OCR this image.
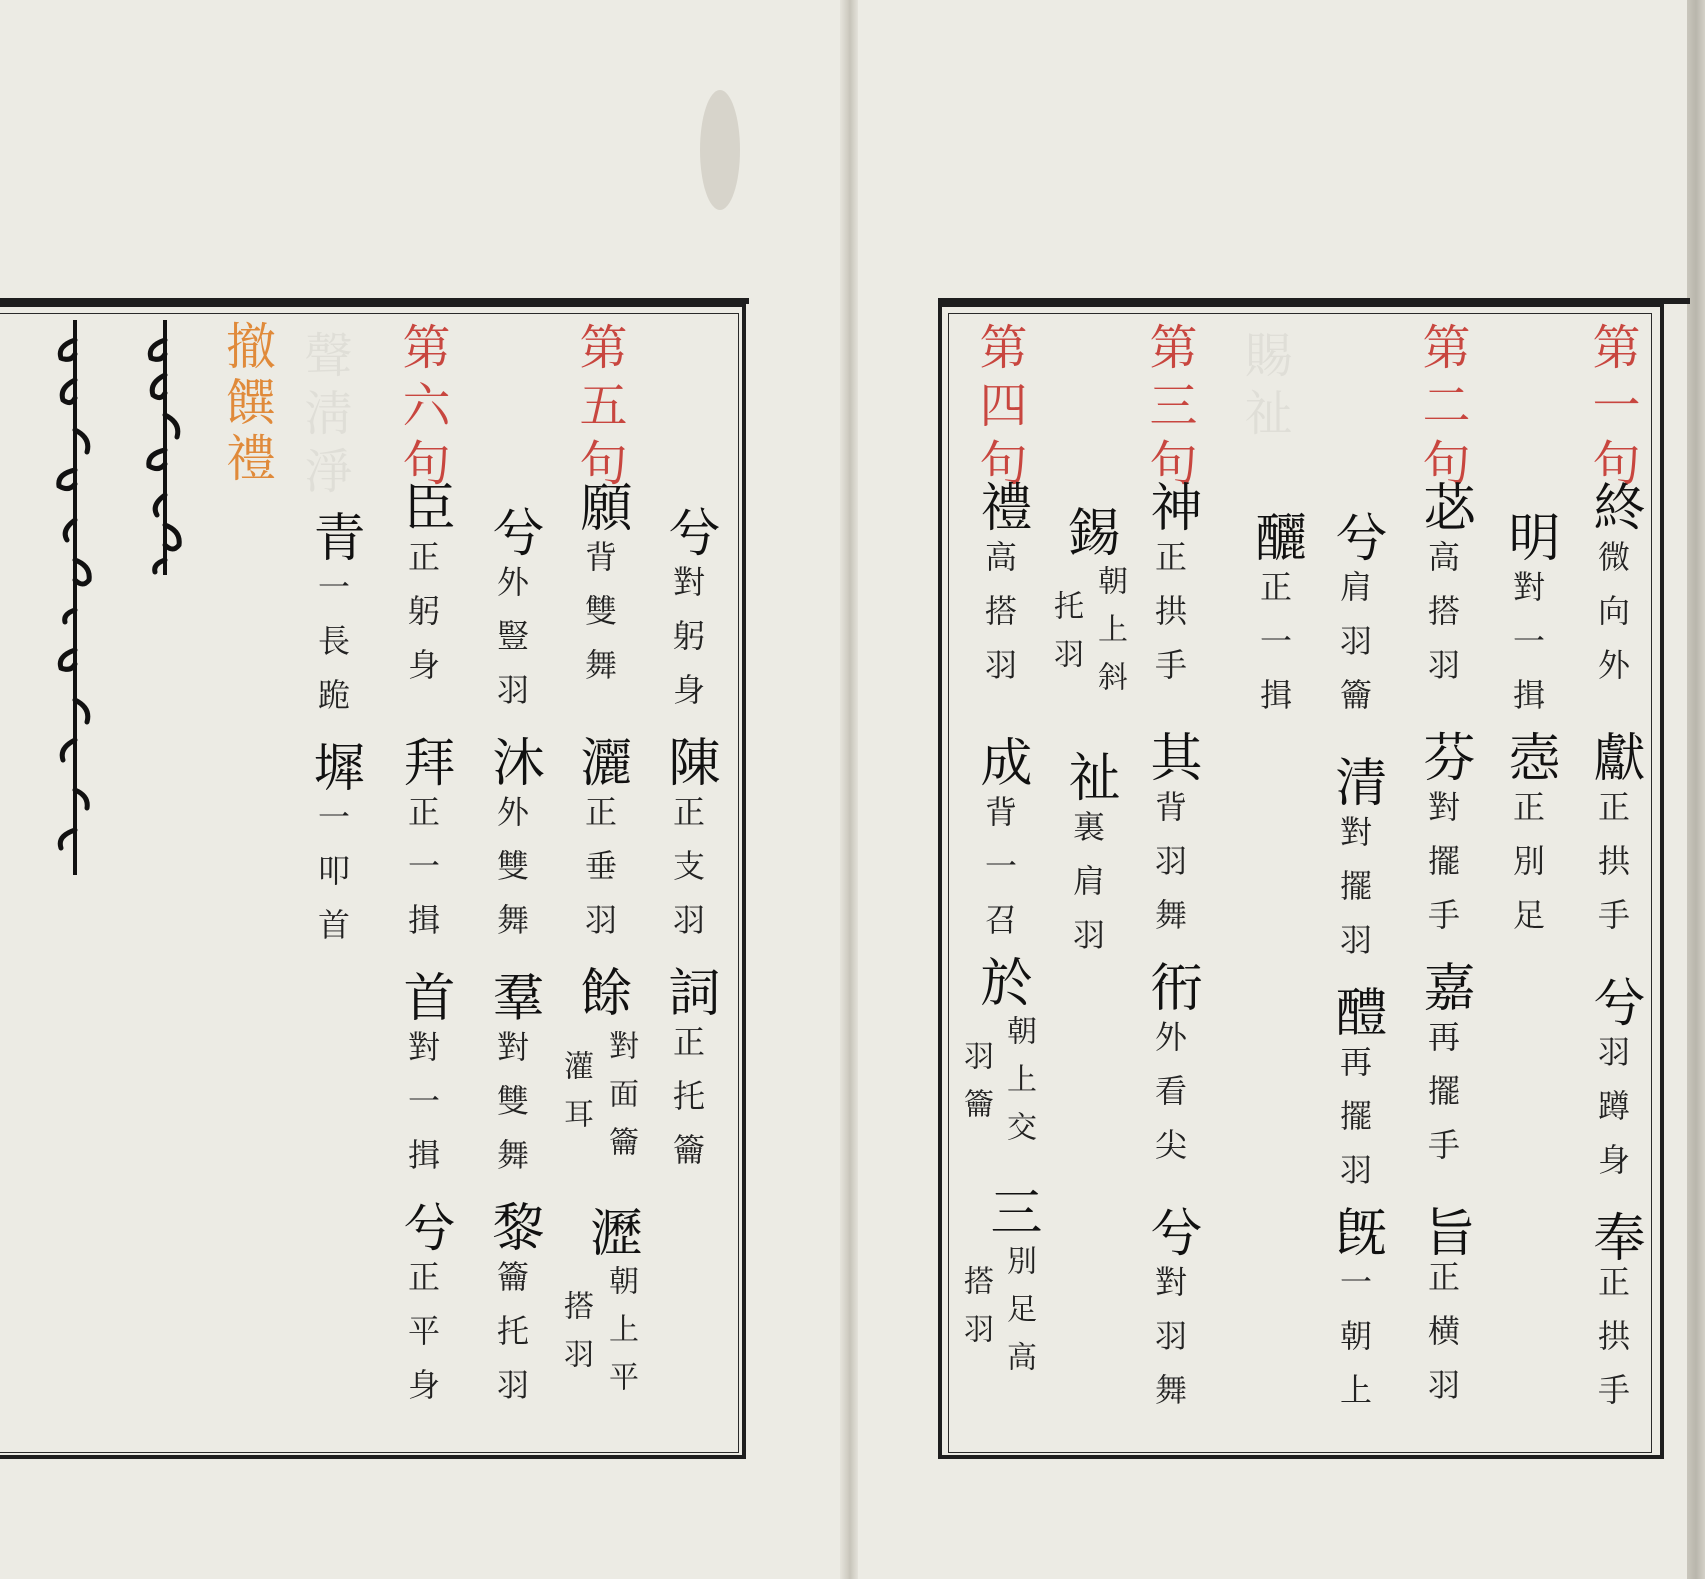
聲淸淨	賜祉	第一句
終
微向外
獻
正拱手
兮
羽蹲身
奉
正拱手
明
對一揖
悫
正別足
第二句
苾
高搭羽
芬
對擺手
嘉
再擺手
旨
正横羽
兮
肩羽籥
清
對擺羽
醴
再擺羽
旣
一朝上
釃
正一揖
第三句
神
正拱手
其
背羽舞
衎
外看尖
兮
對羽舞
錫
朝上斜
托羽
祉
裏肩羽
第四句
禮
高搭羽
成
背一召
於
朝上交
羽籥
三
別足高
搭羽
兮
對躬身
陳
正支羽
詞
正托籥
第五句
願
背雙舞
灑
正垂羽
餘
對面籥
灌耳
瀝
朝上平
搭羽
兮
外豎羽
沐
外雙舞
羣
對雙舞
黎
籥托羽
第六句
臣
正躬身
拜
正一揖
首
對一揖
兮
正平身
青
一長跪
墀
一叩首
撤饌禮
